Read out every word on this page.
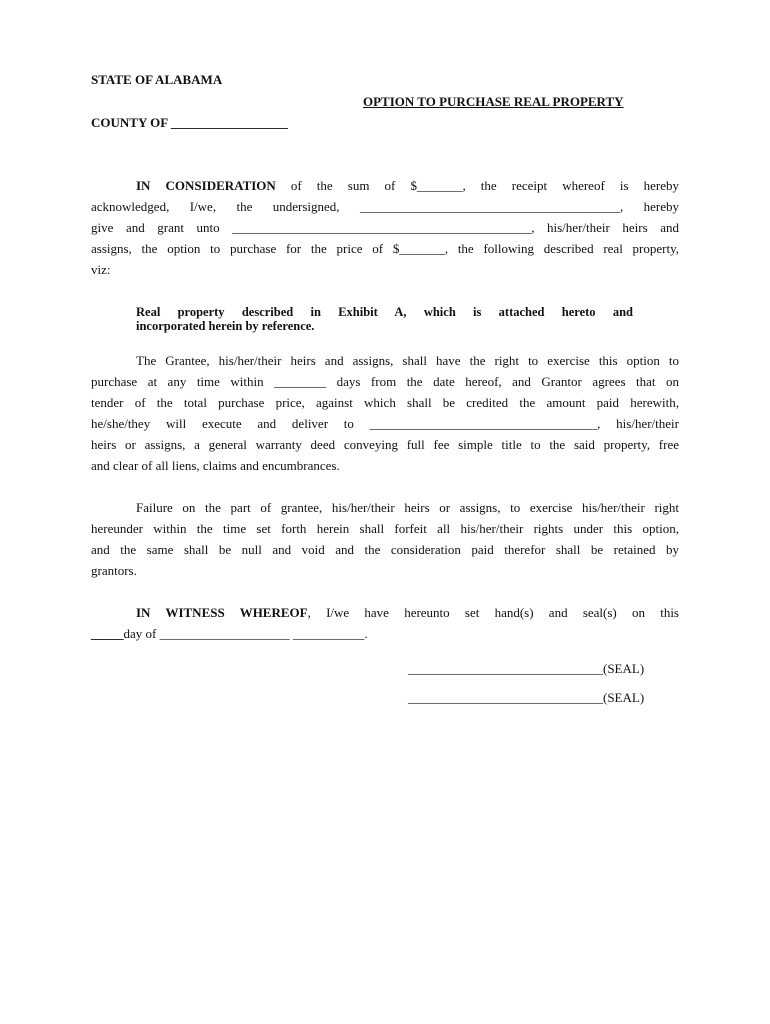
STATE OF ALABAMA
OPTION TO PURCHASE REAL PROPERTY
COUNTY OF __________________
IN CONSIDERATION of the sum of $_______, the receipt whereof is hereby
acknowledged, I/we, the undersigned, ________________________________________, hereby
give and grant unto ______________________________________________, his/her/their heirs and
assigns, the option to purchase for the price of $_______, the following described real property,
viz:
Real property described in Exhibit A, which is attached hereto and
incorporated herein by reference.
The Grantee, his/her/their heirs and assigns, shall have the right to exercise this option to
purchase at any time within ________ days from the date hereof, and Grantor agrees that on
tender of the total purchase price, against which shall be credited the amount paid herewith,
he/she/they will execute and deliver to ___________________________________, his/her/their
heirs or assigns, a general warranty deed conveying full fee simple title to the said property, free
and clear of all liens, claims and encumbrances.
Failure on the part of grantee, his/her/their heirs or assigns, to exercise his/her/their right
hereunder within the time set forth herein shall forfeit all his/her/their rights under this option,
and the same shall be null and void and the consideration paid therefor shall be retained by
grantors.
IN WITNESS WHEREOF, I/we have hereunto set hand(s) and seal(s) on this
_____day of ____________________ ___________.
______________________________(SEAL)
______________________________(SEAL)
